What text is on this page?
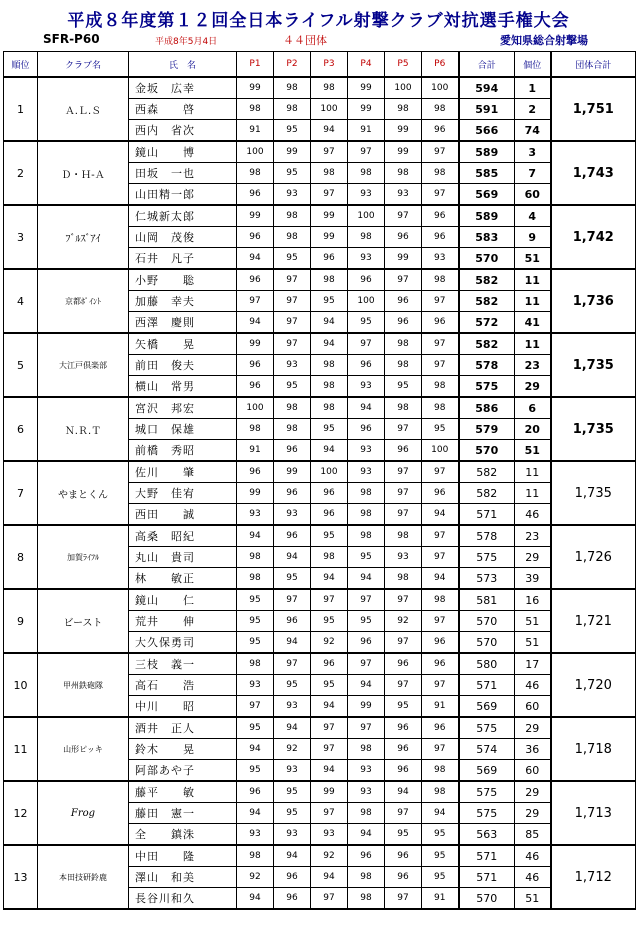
平成８年度第１２回全日本ライフル射撃クラブ対抗選手権大会
SFR-P60	平成8年5月4日	４４団体	愛知県総合射撃場
順位	クラブ名	氏　名	P1	P2	P3	P4	P5	P6	合計	個位	団体合計
1	Ａ.Ｌ.Ｓ	金坂　広幸	99	98	98	99	100	100	594	1	1,751
		西森　　啓	98	98	100	99	98	98	591	2	
		西内　省次	91	95	94	91	99	96	566	74	
2	Ｄ・Ｈ-Ａ	鏡山　　博	100	99	97	97	99	97	589	3	1,743
		田坂　一也	98	95	98	98	98	98	585	7	
		山田精一郎	96	93	97	93	93	97	569	60	
3	ﾌﾞﾙｽﾞｱｲ	仁城新太郎	99	98	99	100	97	96	589	4	1,742
		山岡　茂俊	96	98	99	98	96	96	583	9	
		石井　凡子	94	95	96	93	99	93	570	51	
4	京都ﾎﾟｲﾝﾄ	小野　　聡	96	97	98	96	97	98	582	11	1,736
		加藤　幸夫	97	97	95	100	96	97	582	11	
		西澤　慶則	94	97	94	95	96	96	572	41	
5	大江戸倶楽部	矢橋　　晃	99	97	94	97	98	97	582	11	1,735
		前田　俊夫	96	93	98	96	98	97	578	23	
		横山　常男	96	95	98	93	95	98	575	29	
6	Ｎ.Ｒ.Ｔ	宮沢　邦宏	100	98	98	94	98	98	586	6	1,735
		城口　保雄	98	98	95	96	97	95	579	20	
		前橋　秀昭	91	96	94	93	96	100	570	51	
7	やまとくん	佐川　　肇	96	99	100	93	97	97	582	11	1,735
		大野　佳宥	99	96	96	98	97	96	582	11	
		西田　　誠	93	93	96	98	97	94	571	46	
8	加賀ﾗｲﾌﾙ	高桑　昭紀	94	96	95	98	98	97	578	23	1,726
		丸山　貴司	98	94	98	95	93	97	575	29	
		林　　敏正	98	95	94	94	98	94	573	39	
9	ビースト	鏡山　　仁	95	97	97	97	97	98	581	16	1,721
		荒井　　伸	95	96	95	95	92	97	570	51	
		大久保勇司	95	94	92	96	97	96	570	51	
10	甲州鉄砲隊	三枝　義一	98	97	96	97	96	96	580	17	1,720
		高石　　浩	93	95	95	94	97	97	571	46	
		中川　　昭	97	93	94	99	95	91	569	60	
11	山形ピッキ	酒井　正人	95	94	97	97	96	96	575	29	1,718
		鈴木　　晃	94	92	97	98	96	97	574	36	
		阿部あや子	95	93	94	93	96	98	569	60	
12	Frog	藤平　　敏	96	95	99	93	94	98	575	29	1,713
		藤田　憲一	94	95	97	98	97	94	575	29	
		全　　鎮洙	93	93	93	94	95	95	563	85	
13	本田技研鈴鹿	中田　　隆	98	94	92	96	96	95	571	46	1,712
		澤山　和美	92	96	94	98	96	95	571	46	
		長谷川和久	94	96	97	98	97	91	570	51	
